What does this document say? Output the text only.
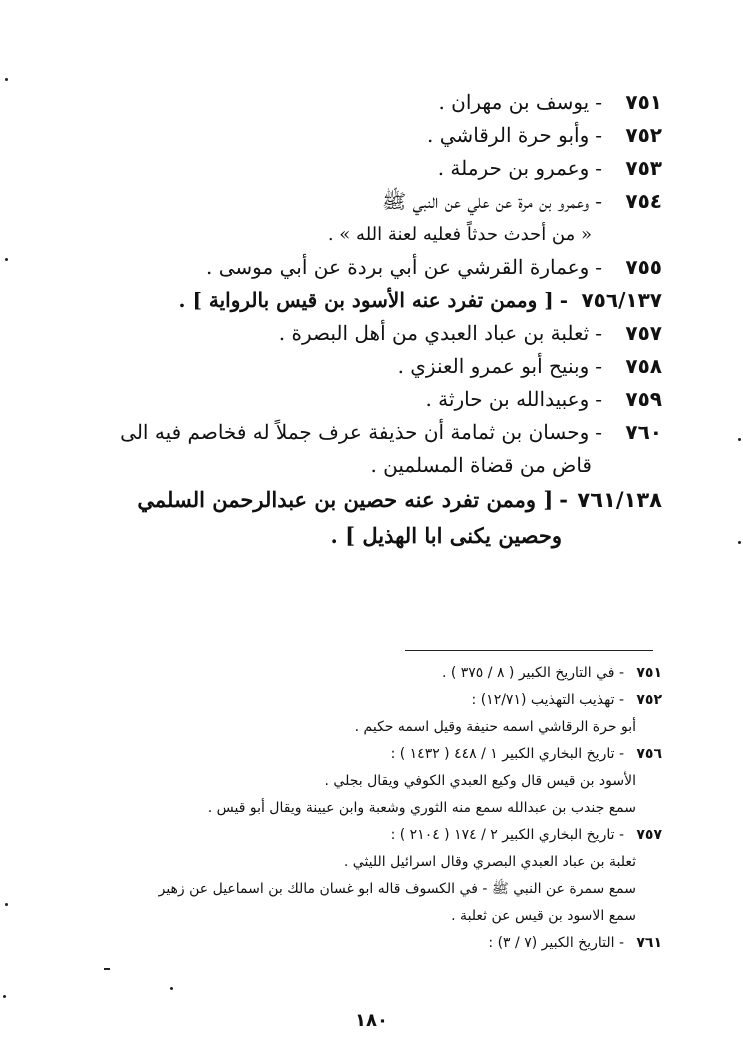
٧٥١
-
يوسف بن مهران .
٧٥٢
-
وأبو حرة الرقاشي .
٧٥٣
-
وعمرو بن حرملة .
٧٥٤
-
وعمرو بن مرة عن علي عن النبي ﷺ
« من أحدث حدثاً فعليه لعنة الله » .
٧٥٥
-
وعمارة القرشي عن أبي بردة عن أبي موسى .
٧٥٦/١٣٧
-
[ وممن تفرد عنه الأسود بن قيس بالرواية ] .
٧٥٧
-
ثعلبة بن عباد العبدي من أهل البصرة .
٧٥٨
-
وبنيح أبو عمرو العنزي .
٧٥٩
-
وعبيدالله بن حارثة .
٧٦٠
-
وحسان بن ثمامة أن حذيفة عرف جملاً له فخاصم فيه الى
قاض من قضاة المسلمين .
٧٦١/١٣٨
-
[ وممن تفرد عنه حصين بن عبدالرحمن السلمي
وحصين يكنى ابا الهذيل ] .
٧٥١- في التاريخ الكبير ( ٨ / ٣٧٥ ) .
٧٥٢- تهذيب التهذيب (١٢/٧١) :
أبو حرة الرقاشي اسمه حنيفة وقيل اسمه حكيم .
٧٥٦- تاريخ البخاري الكبير ١ / ٤٤٨ ( ١٤٣٢ ) :
الأسود بن قيس قال وكيع العبدي الكوفي ويقال بجلي .
سمع جندب بن عبدالله سمع منه الثوري وشعبة وابن عيينة ويقال أبو قيس .
٧٥٧- تاريخ البخاري الكبير ٢ / ١٧٤ ( ٢١٠٤ ) :
ثعلبة بن عباد العبدي البصري وقال اسرائيل الليثي .
سمع سمرة عن النبي ﷺ - في الكسوف قاله ابو غسان مالك بن اسماعيل عن زهير
سمع الاسود بن قيس عن ثعلبة .
٧٦١- التاريخ الكبير (٧ / ٣) :
١٨٠
